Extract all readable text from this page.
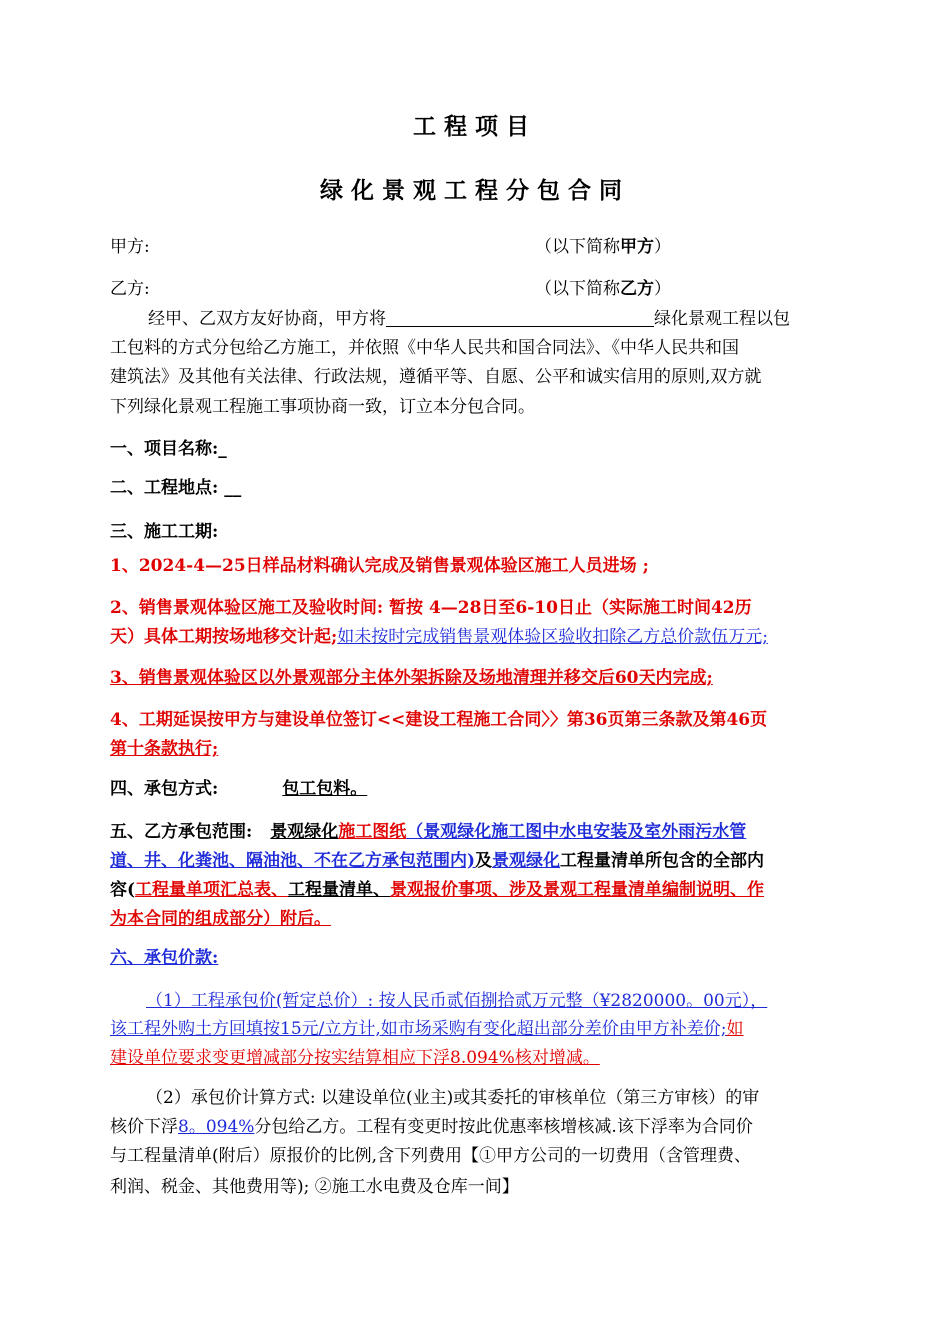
工程项目
绿化景观工程分包合同
甲方:	（以下简称甲方）
乙方:	（以下简称乙方）
经甲、乙双方友好协商，甲方将	绿化景观工程以包
工包料的方式分包给乙方施工，并依照《中华人民共和国合同法》、《中华人民共和国
建筑法》及其他有关法律、行政法规，遵循平等、自愿、公平和诚实信用的原则,双方就
下列绿化景观工程施工事项协商一致，订立本分包合同。
一、项目名称:_
二、工程地点: __
三、施工工期:
1、2024-4—25日样品材料确认完成及销售景观体验区施工人员进场 ;
2、销售景观体验区施工及验收时间: 暂按 4—28日至6-10日止（实际施工时间42历
天）具体工期按场地移交计起;如未按时完成销售景观体验区验收扣除乙方总价款伍万元;
3、销售景观体验区以外景观部分主体外架拆除及场地清理并移交后60天内完成;
4、工期延误按甲方与建设单位签订<<建设工程施工合同〉〉第36页第三条款及第46页
第十条款执行;
四、承包方式:	包工包料。
五、乙方承包范围: 景观绿化施工图纸（景观绿化施工图中水电安装及室外雨污水管
道、井、化粪池、隔油池、不在乙方承包范围内)及景观绿化工程量清单所包含的全部内
容(工程量单项汇总表、工程量清单、景观报价事项、涉及景观工程量清单编制说明、作
为本合同的组成部分）附后。
六、承包价款:
（1）工程承包价(暂定总价）: 按人民币贰佰捌拾贰万元整（¥2820000。00元），
该工程外购土方回填按15元/立方计,如市场采购有变化超出部分差价由甲方补差价;如
建设单位要求变更增减部分按实结算相应下浮8.094%核对增减。
（2）承包价计算方式: 以建设单位(业主)或其委托的审核单位（第三方审核）的审
核价下浮8。094%分包给乙方。工程有变更时按此优惠率核增核减.该下浮率为合同价
与工程量清单(附后）原报价的比例,含下列费用【①甲方公司的一切费用（含管理费、
利润、税金、其他费用等); ②施工水电费及仓库一间】
